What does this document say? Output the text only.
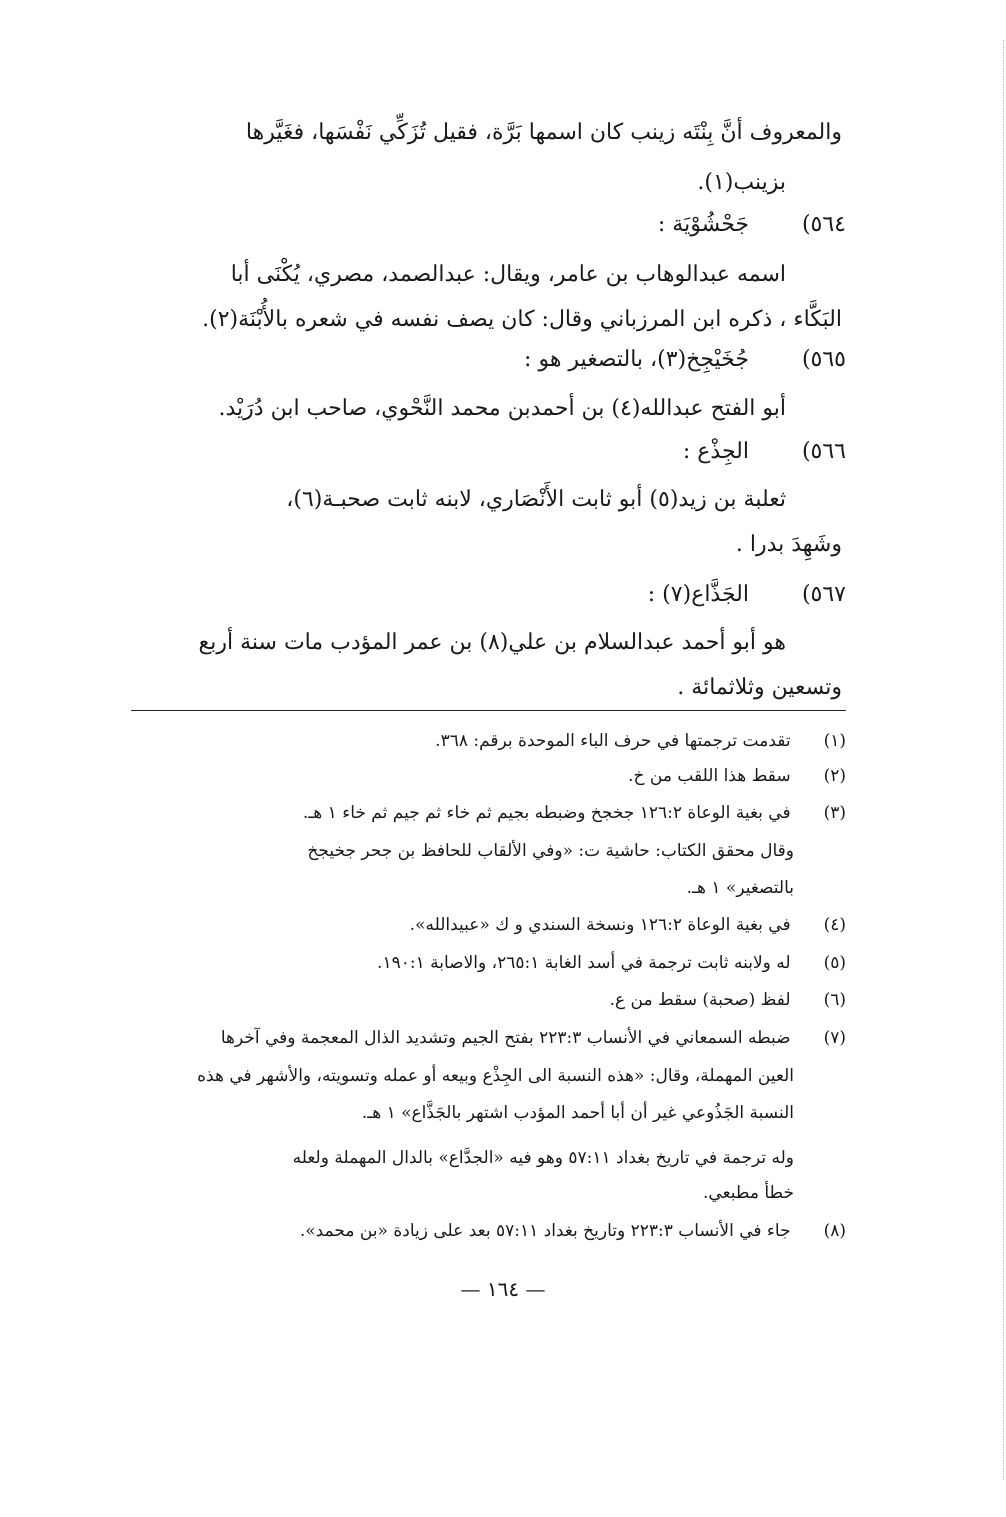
والمعروف أنَّ بِنْتَه زينب كان اسمها بَرَّة، فقيل تُزَكِّي نَفْسَها، فغَيَّرها
بزينب(١).
٥٦٤) جَحْشُوْيَة :
اسمه عبدالوهاب بن عامر، ويقال: عبدالصمد، مصري، يُكْنَى أبا
البَكَّاء ، ذكره ابن المرزباني وقال: كان يصف نفسه في شعره بالأُبْنَة(٢).
٥٦٥) جُخَيْجِخ(٣)، بالتصغير هو :
أبو الفتح عبدالله(٤) بن أحمدبن محمد النَّحْوي، صاحب ابن دُرَيْد.
٥٦٦) الجِذْع :
ثعلبة بن زيد(٥) أبو ثابت الأَنْصَاري، لابنه ثابت صحبـة(٦)،
وشَهِدَ بدرا .
٥٦٧) الجَذَّاع(٧) :
هو أبو أحمد عبدالسلام بن علي(٨) بن عمر المؤدب مات سنة أربع
وتسعين وثلاثمائة .
(١) تقدمت ترجمتها في حرف الباء الموحدة برقم: ٣٦٨.
(٢) سقط هذا اللقب من خ.
(٣) في بغية الوعاة ١٢٦:٢ جخجخ وضبطه بجيم ثم خاء ثم جيم ثم خاء ١ هـ.
وقال محقق الكتاب: حاشية ت: «وفي الألقاب للحافظ بن جحر جخيجخ
بالتصغير» ١ هـ.
(٤) في بغية الوعاة ١٢٦:٢ ونسخة السندي و ك «عبيدالله».
(٥) له ولابنه ثابت ترجمة في أسد الغابة ٢٦٥:١، والاصابة ١٩٠:١.
(٦) لفظ (صحبة) سقط من ع.
(٧) ضبطه السمعاني في الأنساب ٢٢٣:٣ بفتح الجيم وتشديد الذال المعجمة وفي آخرها
العين المهملة، وقال: «هذه النسبة الى الجِذْع وبيعه أو عمله وتسويته، والأشهر في هذه
النسبة الجَذُوعي غير أن أبا أحمد المؤدب اشتهر بالجَذَّاع» ١ هـ.
وله ترجمة في تاريخ بغداد ٥٧:١١ وهو فيه «الجدَّاع» بالدال المهملة ولعله
خطأ مطبعي.
(٨) جاء في الأنساب ٢٢٣:٣ وتاريخ بغداد ٥٧:١١ بعد على زيادة «بن محمد».
— ١٦٤ —
